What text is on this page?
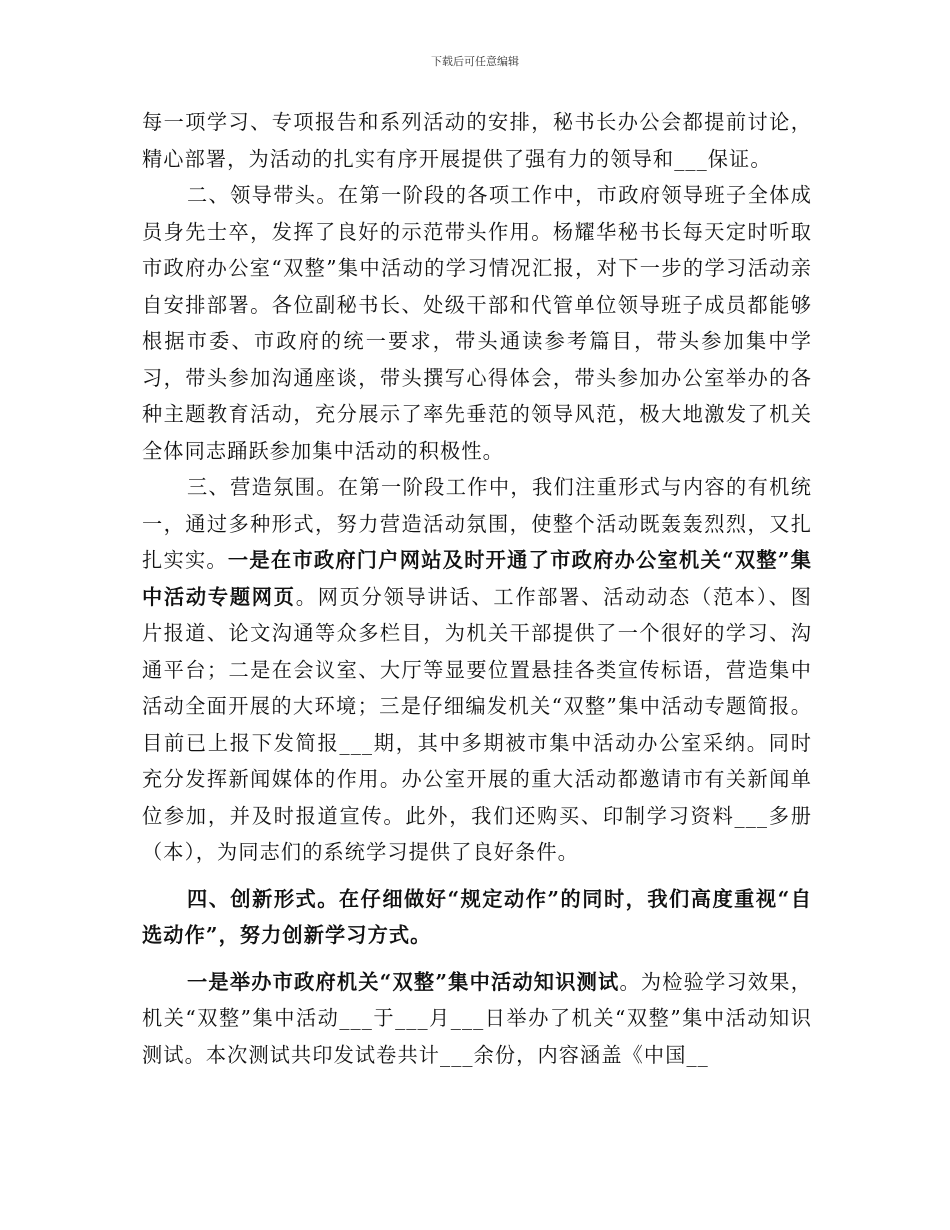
下载后可任意编辑

每一项学习、专项报告和系列活动的安排，秘书长办公会都提前讨论，精心部署，为活动的扎实有序开展提供了强有力的领导和___保证。

二、领导带头。在第一阶段的各项工作中，市政府领导班子全体成员身先士卒，发挥了良好的示范带头作用。杨耀华秘书长每天定时听取市政府办公室“双整”集中活动的学习情况汇报，对下一步的学习活动亲自安排部署。各位副秘书长、处级干部和代管单位领导班子成员都能够根据市委、市政府的统一要求，带头通读参考篇目，带头参加集中学习，带头参加沟通座谈，带头撰写心得体会，带头参加办公室举办的各种主题教育活动，充分展示了率先垂范的领导风范，极大地激发了机关全体同志踊跃参加集中活动的积极性。

三、营造氛围。在第一阶段工作中，我们注重形式与内容的有机统一，通过多种形式，努力营造活动氛围，使整个活动既轰轰烈烈，又扎扎实实。一是在市政府门户网站及时开通了市政府办公室机关“双整”集中活动专题网页。网页分领导讲话、工作部署、活动动态（范本）、图片报道、论文沟通等众多栏目，为机关干部提供了一个很好的学习、沟通平台；二是在会议室、大厅等显要位置悬挂各类宣传标语，营造集中活动全面开展的大环境；三是仔细编发机关“双整”集中活动专题简报。目前已上报下发简报___期，其中多期被市集中活动办公室采纳。同时充分发挥新闻媒体的作用。办公室开展的重大活动都邀请市有关新闻单位参加，并及时报道宣传。此外，我们还购买、印制学习资料___多册（本），为同志们的系统学习提供了良好条件。

四、创新形式。在仔细做好“规定动作”的同时，我们高度重视“自选动作”，努力创新学习方式。

一是举办市政府机关“双整”集中活动知识测试。为检验学习效果，机关“双整”集中活动___于___月___日举办了机关“双整”集中活动知识测试。本次测试共印发试卷共计___余份，内容涵盖《中国__
